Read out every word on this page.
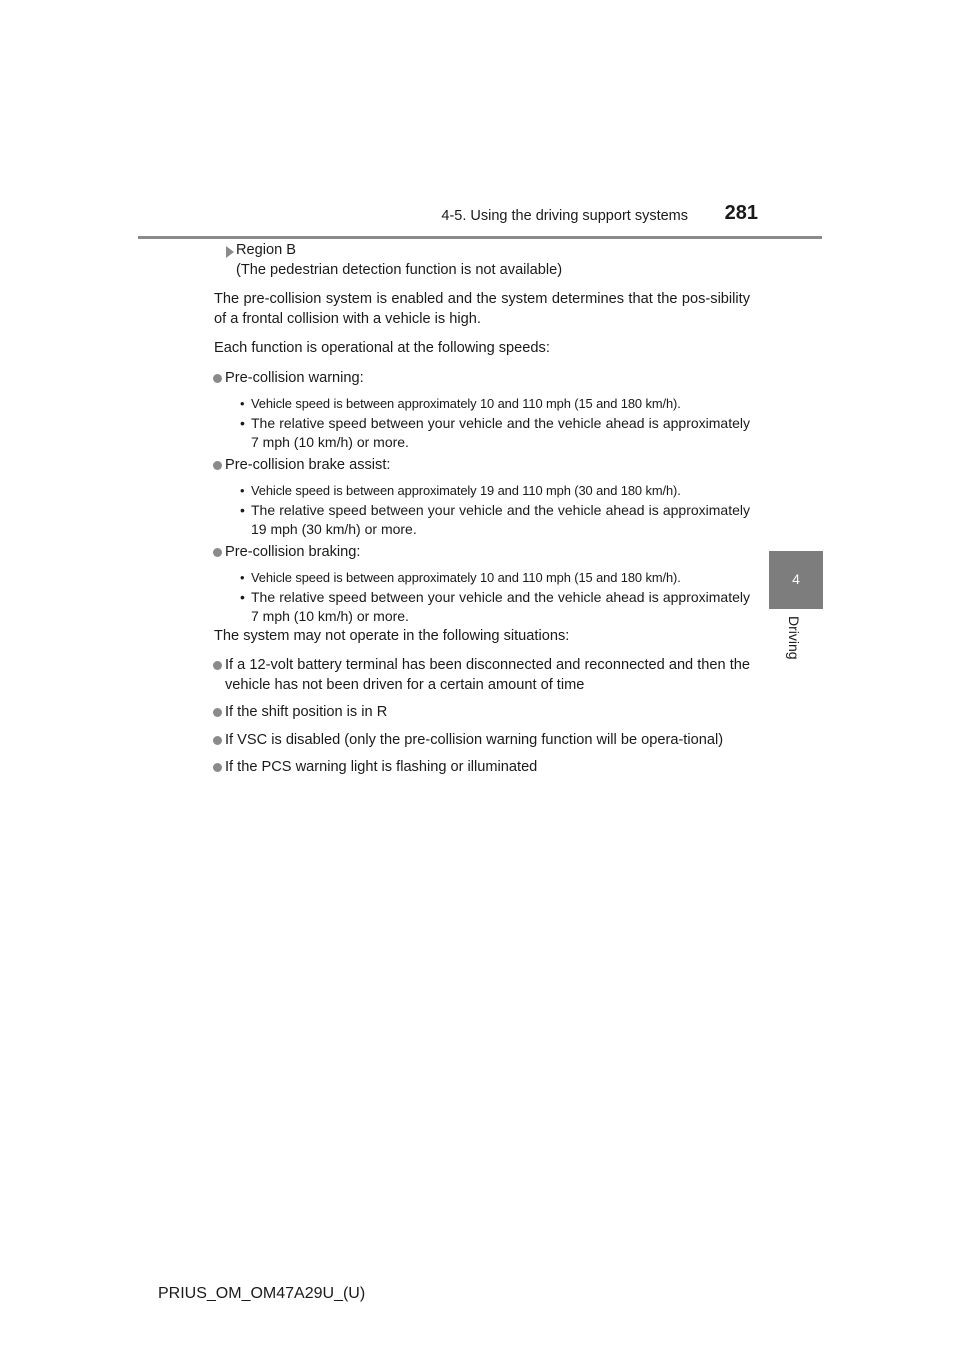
4-5. Using the driving support systems 281
4
Driving
Region B
(The pedestrian detection function is not available)
The pre-collision system is enabled and the system determines that the pos-sibility of a frontal collision with a vehicle is high.
Each function is operational at the following speeds:
Pre-collision warning:
• Vehicle speed is between approximately 10 and 110 mph (15 and 180 km/h).
• The relative speed between your vehicle and the vehicle ahead is approximately 7 mph (10 km/h) or more.
Pre-collision brake assist:
• Vehicle speed is between approximately 19 and 110 mph (30 and 180 km/h).
• The relative speed between your vehicle and the vehicle ahead is approximately 19 mph (30 km/h) or more.
Pre-collision braking:
• Vehicle speed is between approximately 10 and 110 mph (15 and 180 km/h).
• The relative speed between your vehicle and the vehicle ahead is approximately 7 mph (10 km/h) or more.
The system may not operate in the following situations:
If a 12-volt battery terminal has been disconnected and reconnected and then the vehicle has not been driven for a certain amount of time
If the shift position is in R
If VSC is disabled (only the pre-collision warning function will be opera-tional)
If the PCS warning light is flashing or illuminated
PRIUS_OM_OM47A29U_(U)
